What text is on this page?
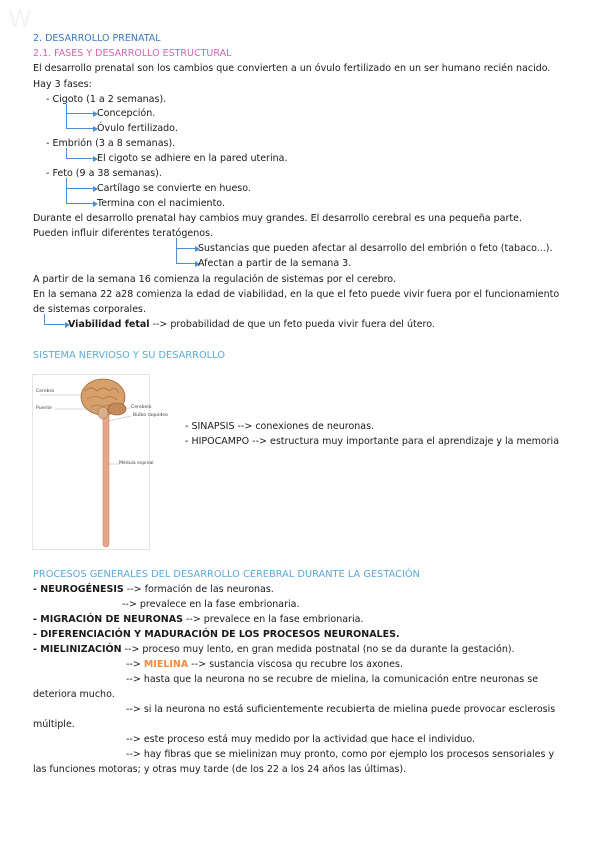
W
2. DESARROLLO PRENATAL
2.1. FASES Y DESARROLLO ESTRUCTURAL
El desarrollo prenatal son los cambios que convierten a un óvulo fertilizado en un ser humano recién nacido.
Hay 3 fases:
- Cigoto (1 a 2 semanas).
Concepción.
Óvulo fertilizado.
- Embrión (3 a 8 semanas).
El cigoto se adhiere en la pared uterina.
- Feto (9 a 38 semanas).
Cartílago se convierte en hueso.
Termina con el nacimiento.
Durante el desarrollo prenatal hay cambios muy grandes. El desarrollo cerebral es una pequeña parte.
Pueden influir diferentes teratógenos.
Sustancias que pueden afectar al desarrollo del embrión o feto (tabaco...).
Afectan a partir de la semana 3.
A partir de la semana 16 comienza la regulación de sistemas por el cerebro.
En la semana 22 a28 comienza la edad de viabilidad, en la que el feto puede vivir fuera por el funcionamiento
de sistemas corporales.
Viabilidad fetal --> probabilidad de que un feto pueda vivir fuera del útero.
SISTEMA NERVIOSO Y SU DESARROLLO
Cerebro
Puente	Cerebelo
Bulbo raquídeo
Médula espinal
- SINAPSIS --> conexiones de neuronas.
- HIPOCAMPO --> estructura muy importante para el aprendizaje y la memoria
PROCESOS GENERALES DEL DESARROLLO CEREBRAL DURANTE LA GESTACIÓN
- NEUROGÉNESIS --> formación de las neuronas.
--> prevalece en la fase embrionaria.
- MIGRACIÓN DE NEURONAS --> prevalece en la fase embrionaria.
- DIFERENCIACIÓN Y MADURACIÓN DE LOS PROCESOS NEURONALES.
- MIELINIZACIÓN --> proceso muy lento, en gran medida postnatal (no se da durante la gestación).
--> MIELINA --> sustancia viscosa qu recubre los axones.
--> hasta que la neurona no se recubre de mielina, la comunicación entre neuronas se
deteriora mucho.
--> si la neurona no está suficientemente recubierta de mielina puede provocar esclerosis
múltiple.
--> este proceso está muy medido por la actividad que hace el individuo.
--> hay fibras que se mielinizan muy pronto, como por ejemplo los procesos sensoriales y
las funciones motoras; y otras muy tarde (de los 22 a los 24 años las últimas).
